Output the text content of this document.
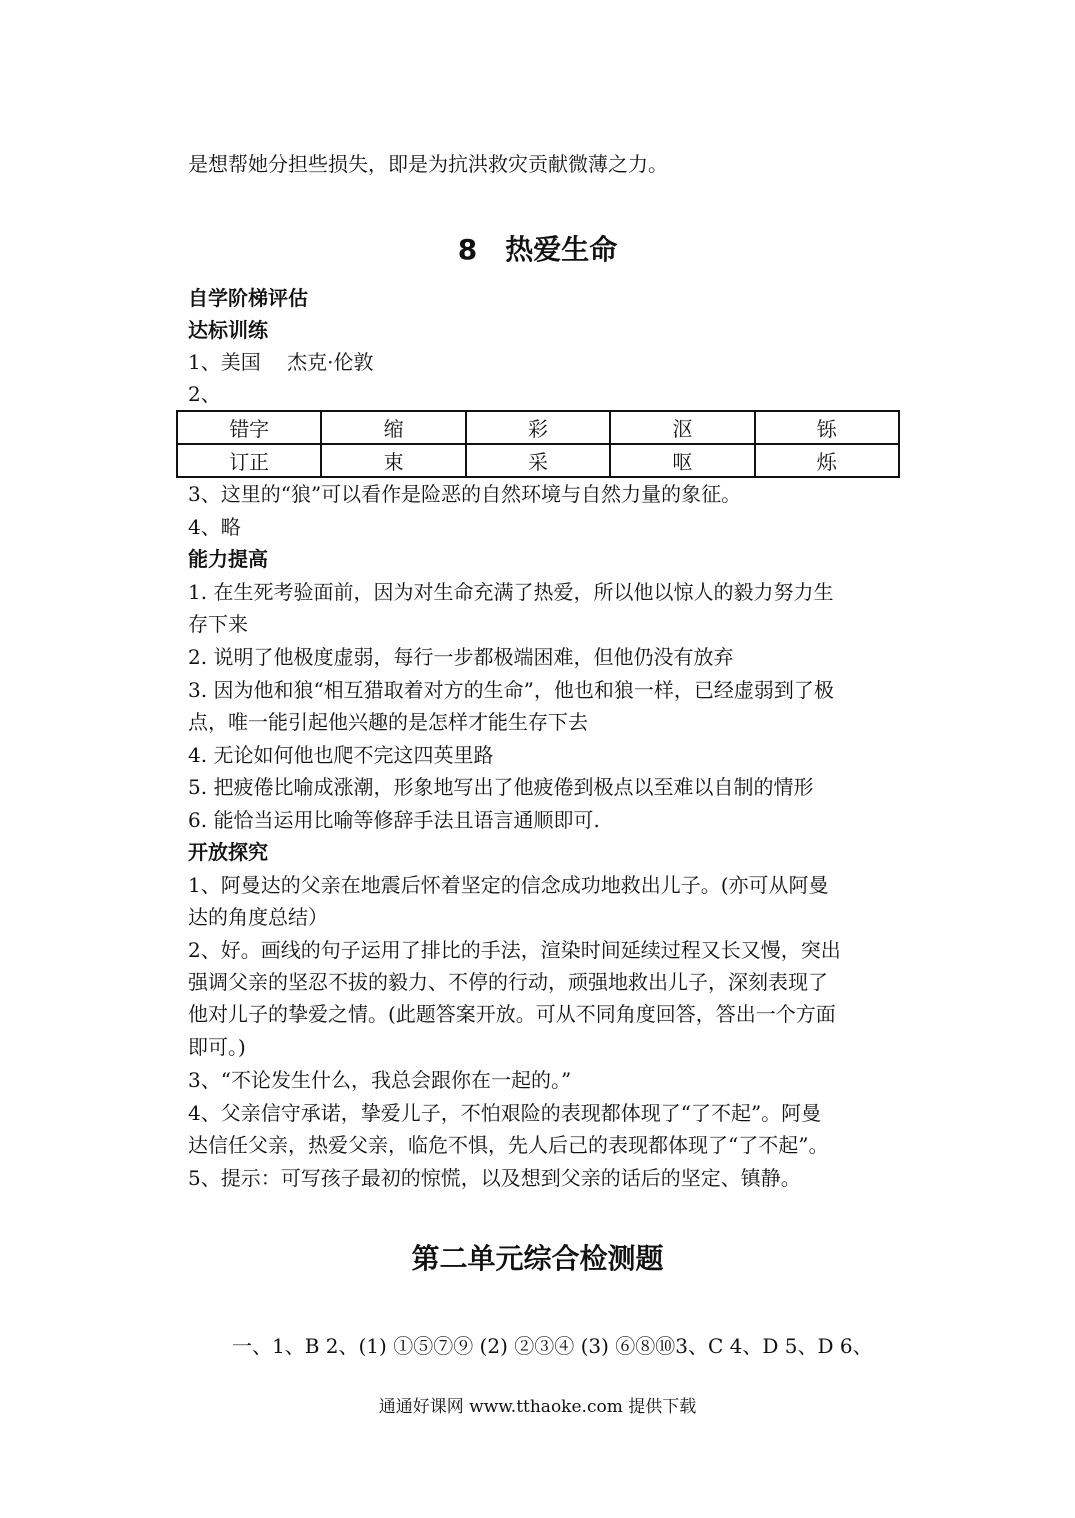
是想帮她分担些损失，即是为抗洪救灾贡献微薄之力。
8　热爱生命
自学阶梯评估
达标训练
1、美国　 杰克·伦敦
2、
错字	缩	彩	沤	铄
订正	束	采	呕	烁
3、这里的“狼”可以看作是险恶的自然环境与自然力量的象征。
4、略
能力提高
1. 在生死考验面前，因为对生命充满了热爱，所以他以惊人的毅力努力生
存下来
2. 说明了他极度虚弱，每行一步都极端困难，但他仍没有放弃
3. 因为他和狼“相互猎取着对方的生命”，他也和狼一样，已经虚弱到了极
点，唯一能引起他兴趣的是怎样才能生存下去
4. 无论如何他也爬不完这四英里路
5. 把疲倦比喻成涨潮，形象地写出了他疲倦到极点以至难以自制的情形
6. 能恰当运用比喻等修辞手法且语言通顺即可.
开放探究
1、阿曼达的父亲在地震后怀着坚定的信念成功地救出儿子。(亦可从阿曼
达的角度总结）
2、好。画线的句子运用了排比的手法，渲染时间延续过程又长又慢，突出
强调父亲的坚忍不拔的毅力、不停的行动，顽强地救出儿子，深刻表现了
他对儿子的挚爱之情。(此题答案开放。可从不同角度回答，答出一个方面
即可。)
3、“不论发生什么，我总会跟你在一起的。”
4、父亲信守承诺，挚爱儿子，不怕艰险的表现都体现了“了不起”。阿曼
达信任父亲，热爱父亲，临危不惧，先人后己的表现都体现了“了不起”。
5、提示：可写孩子最初的惊慌，以及想到父亲的话后的坚定、镇静。
第二单元综合检测题
一、1、B 2、(1) ①⑤⑦⑨ (2) ②③④ (3) ⑥⑧⑩3、C 4、D 5、D 6、
通通好课网 www.tthaoke.com 提供下载
